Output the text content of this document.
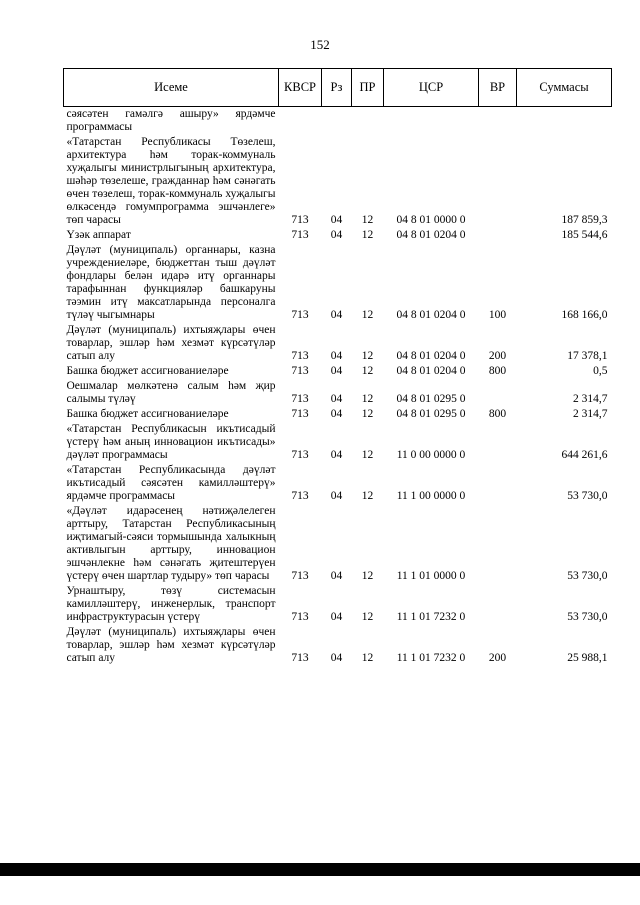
152
Исеме	КВСР	Рз	ПР	ЦСР	ВР	Суммасы
сәясәтен гамәлгә ашыру» ярдәмче программасы						
«Татарстан Республикасы Төзелеш, архитектура һәм торак-коммуналь хуҗалыгы министрлыгының архитектура, шәһәр төзелеше, гражданнар һәм сәнәгать өчен төзелеш, торак-коммуналь хуҗалыгы өлкәсендә гомумпрограмма эшчәнлеге» төп чарасы	713	04	12	04 8 01 0000 0		187 859,3
Үзәк аппарат	713	04	12	04 8 01 0204 0		185 544,6
Дәүләт (муниципаль) органнары, казна учреждениеләре, бюджеттан тыш дәүләт фондлары белән идарә итү органнары тарафыннан функцияләр башкаруны тәэмин итү максатларында персоналга түләү чыгымнары	713	04	12	04 8 01 0204 0	100	168 166,0
Дәүләт (муниципаль) ихтыяҗлары өчен товарлар, эшләр һәм хезмәт күрсәтүләр сатып алу	713	04	12	04 8 01 0204 0	200	17 378,1
Башка бюджет ассигнованиеләре	713	04	12	04 8 01 0204 0	800	0,5
Оешмалар мөлкәтенә салым һәм җир салымы түләү	713	04	12	04 8 01 0295 0		2 314,7
Башка бюджет ассигнованиеләре	713	04	12	04 8 01 0295 0	800	2 314,7
«Татарстан Республикасын икътисадый үстерү һәм аның инновацион икътисады» дәүләт программасы	713	04	12	11 0 00 0000 0		644 261,6
«Татарстан Республикасында дәүләт икътисадый сәясәтен камилләштерү» ярдәмче программасы	713	04	12	11 1 00 0000 0		53 730,0
«Дәүләт идарәсенең нәтиҗәлелеген арттыру, Татарстан Республикасының иҗтимагый-сәяси тормышында халыкның активлыгын арттыру, инновацион эшчәнлекне һәм сәнәгать җитештерүен үстерү өчен шартлар тудыру» төп чарасы	713	04	12	11 1 01 0000 0		53 730,0
Урнаштыру, төзү системасын камилләштерү, инженерлык, транспорт инфраструктурасын үстерү	713	04	12	11 1 01 7232 0		53 730,0
Дәүләт (муниципаль) ихтыяҗлары өчен товарлар, эшләр һәм хезмәт күрсәтүләр сатып алу	713	04	12	11 1 01 7232 0	200	25 988,1
